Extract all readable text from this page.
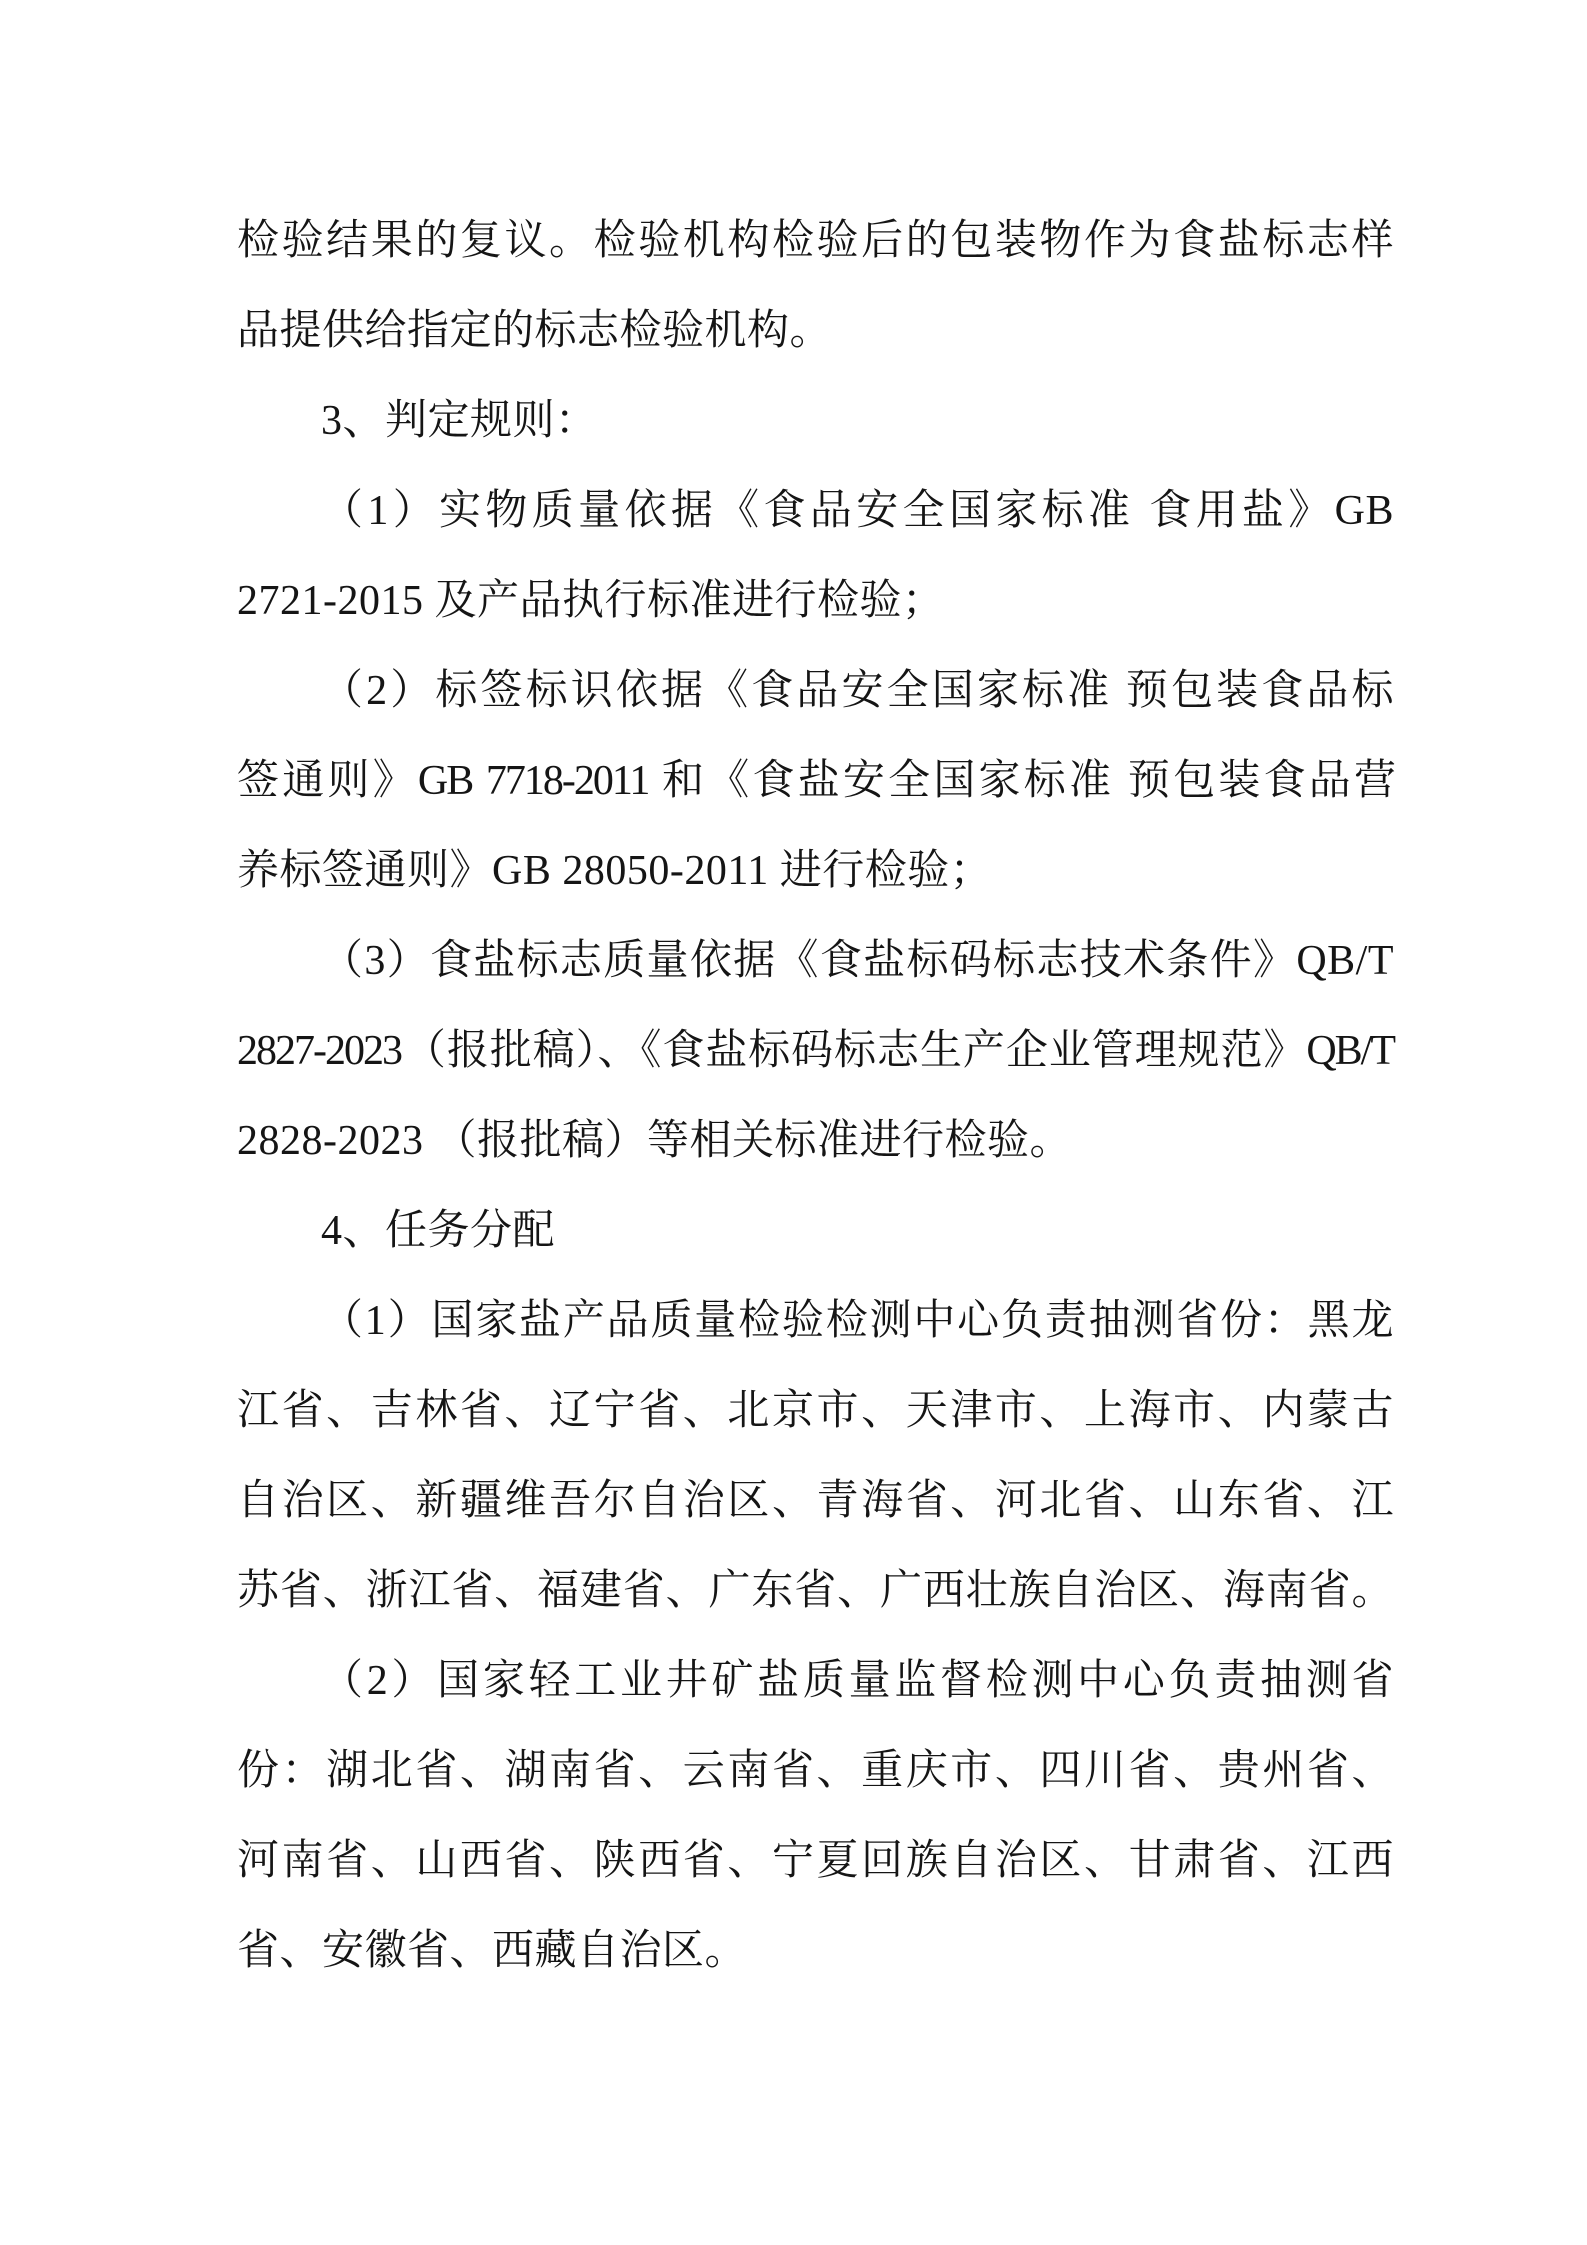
检验结果的复议。检验机构检验后的包装物作为食盐标志样
品提供给指定的标志检验机构。
3、判定规则：
（1）实物质量依据《食品安全国家标准 食用盐》GB
2721-2015 及产品执行标准进行检验；
（2）标签标识依据《食品安全国家标准 预包装食品标
签通则》GB 7718-2011 和《食盐安全国家标准 预包装食品营
养标签通则》GB 28050-2011 进行检验；
（3）食盐标志质量依据《食盐标码标志技术条件》QB/T
2827-2023（报批稿）、《食盐标码标志生产企业管理规范》QB/T
2828-2023 （报批稿）等相关标准进行检验。
4、任务分配
（1）国家盐产品质量检验检测中心负责抽测省份：黑龙
江省、吉林省、辽宁省、北京市、天津市、上海市、内蒙古
自治区、新疆维吾尔自治区、青海省、河北省、山东省、江
苏省、浙江省、福建省、广东省、广西壮族自治区、海南省。
（2）国家轻工业井矿盐质量监督检测中心负责抽测省
份：湖北省、湖南省、云南省、重庆市、四川省、贵州省、
河南省、山西省、陕西省、宁夏回族自治区、甘肃省、江西
省、安徽省、西藏自治区。
